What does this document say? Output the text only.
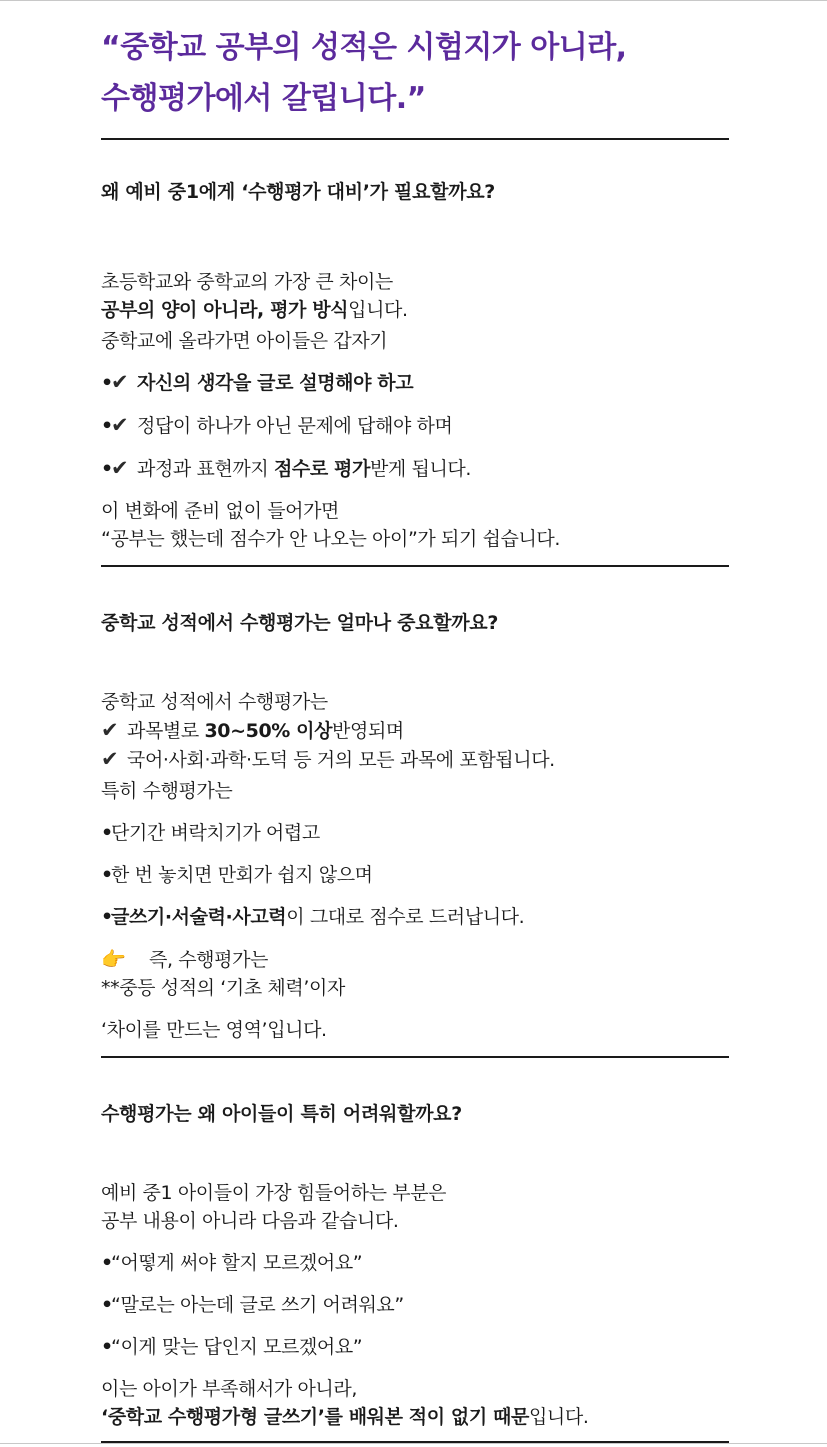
“중학교 공부의 성적은 시험지가 아니라,
수행평가에서 갈립니다.”
왜 예비 중1에게 ‘수행평가 대비’가 필요할까요?
초등학교와 중학교의 가장 큰 차이는
공부의 양이 아니라, 평가 방식입니다.
중학교에 올라가면 아이들은 갑자기
•✔ 자신의 생각을 글로 설명해야 하고
•✔ 정답이 하나가 아닌 문제에 답해야 하며
•✔ 과정과 표현까지 점수로 평가받게 됩니다.
이 변화에 준비 없이 들어가면
“공부는 했는데 점수가 안 나오는 아이”가 되기 쉽습니다.
중학교 성적에서 수행평가는 얼마나 중요할까요?
중학교 성적에서 수행평가는
✔ 과목별로 30~50% 이상반영되며
✔ 국어·사회·과학·도덕 등 거의 모든 과목에 포함됩니다.
특히 수행평가는
•단기간 벼락치기가 어렵고
•한 번 놓치면 만회가 쉽지 않으며
•글쓰기·서술력·사고력이 그대로 점수로 드러납니다.
👉 즉, 수행평가는
**중등 성적의 ‘기초 체력’이자
‘차이를 만드는 영역’입니다.
수행평가는 왜 아이들이 특히 어려워할까요?
예비 중1 아이들이 가장 힘들어하는 부분은
공부 내용이 아니라 다음과 같습니다.
•“어떻게 써야 할지 모르겠어요”
•“말로는 아는데 글로 쓰기 어려워요”
•“이게 맞는 답인지 모르겠어요”
이는 아이가 부족해서가 아니라,
‘중학교 수행평가형 글쓰기’를 배워본 적이 없기 때문입니다.
